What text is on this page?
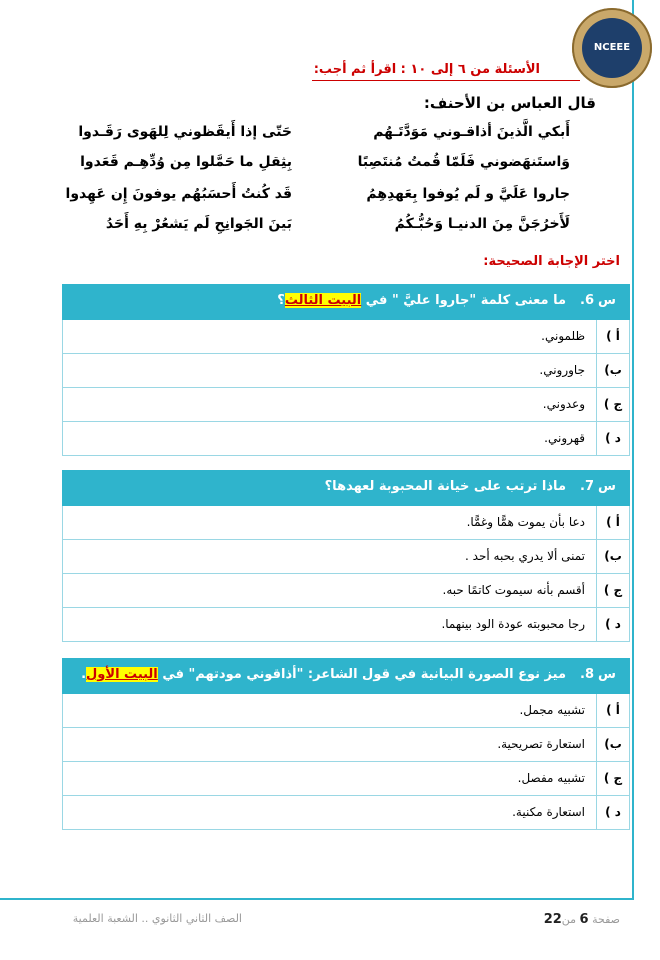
NCEEE
الأسئلة من ٦ إلى ١٠ : اقرأ ثم أجب:
قال العباس بن الأحنف:
أَبكي الَّذينَ أذاقـوني مَوَدَّتَـهُم
حَتّى إذا أَيقَظوني لِلهَوى رَقَـدوا
وَاستَنهَضوني فَلَمّا قُمتُ مُنتَصِبًا
بِثِقلِ ما حَمَّلوا مِن وُدِّهِـم قَعَدوا
جاروا عَلَيَّ و لَم يُوفوا بِعَهدِهِمُ
قَد كُنتُ أَحسَبُهُم يوفونَ إِن عَهِدوا
لَأَخرُجَنَّ مِنَ الدنيـا وَحُبُّـكُمُ
بَينَ الجَوانِحِ لَم يَشعُرْ بِهِ أَحَدُ
اختر الإجابة الصحيحة:
س
6.
ما معنى كلمة "جاروا عليَّ " في البيت الثالث؟
أ )
ظلموني.
ب)
جاوروني.
ج )
وعدوني.
د )
قهروني.
س
7.
ماذا ترتب على خيانة المحبوبة لعهدها؟
أ )
دعا بأن يموت همًّا وغمًّا.
ب)
تمنى ألا يدري بحبه أحد .
ج )
أقسم بأنه سيموت كاتمًا حبه.
د )
رجا محبوبته عودة الود بينهما.
س
8.
ميز نوع الصورة البيانية في قول الشاعر: "أذاقوني مودتهم" في البيت الأول.
أ )
تشبيه مجمل.
ب)
استعارة تصريحية.
ج )
تشبيه مفصل.
د )
استعارة مكنية.
صفحة 6 من22
الصف الثاني الثانوي .. الشعبة العلمية
